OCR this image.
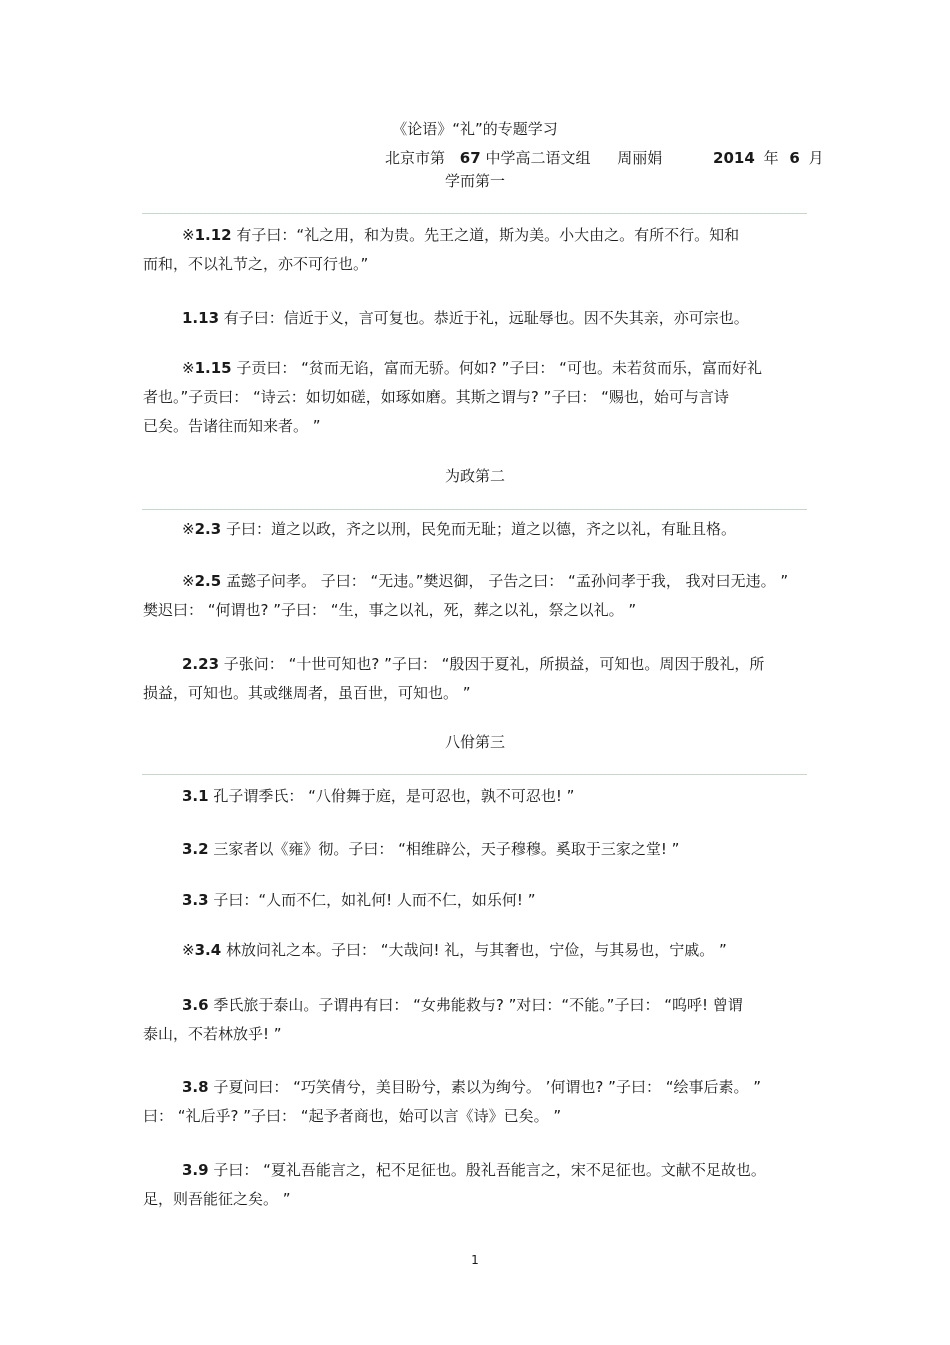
《论语》“礼”的专题学习
北京市第 67 中学高二语文组 周丽娟	2014 年 6 月
学而第一
※1.12 有子曰：“礼之用，和为贵。先王之道，斯为美。小大由之。有所不行。知和
而和，不以礼节之，亦不可行也。”
1.13 有子曰：信近于义，言可复也。恭近于礼，远耻辱也。因不失其亲，亦可宗也。
※1.15 子贡曰： “贫而无谄，富而无骄。何如? ”子曰： “可也。未若贫而乐，富而好礼
者也。”子贡曰： “诗云：如切如磋，如琢如磨。其斯之谓与? ”子曰： “赐也，始可与言诗
已矣。告诸往而知来者。 ”
为政第二
※2.3 子曰：道之以政，齐之以刑，民免而无耻；道之以德，齐之以礼，有耻且格。
※2.5 孟懿子问孝。 子曰： “无违。”樊迟御， 子告之曰： “孟孙问孝于我， 我对曰无违。 ”
樊迟曰： “何谓也? ”子曰： “生，事之以礼，死，葬之以礼，祭之以礼。 ”
2.23 子张问： “十世可知也? ”子曰： “殷因于夏礼，所损益，可知也。周因于殷礼，所
损益，可知也。其或继周者，虽百世，可知也。 ”
八佾第三
3.1 孔子谓季氏： “八佾舞于庭，是可忍也，孰不可忍也! ”
3.2 三家者以《雍》彻。子曰： “相维辟公，天子穆穆。奚取于三家之堂! ”
3.3 子曰：“人而不仁，如礼何! 人而不仁，如乐何! ”
※3.4 林放问礼之本。子曰： “大哉问! 礼，与其奢也，宁俭，与其易也，宁戚。 ”
3.6 季氏旅于泰山。子谓冉有曰： “女弗能救与? ”对曰：“不能。”子曰： “呜呼! 曾谓
泰山，不若林放乎! ”
3.8 子夏问曰： “巧笑倩兮，美目盼兮，素以为绚兮。 ’何谓也? ”子曰： “绘事后素。 ”
曰： “礼后乎? ”子曰： “起予者商也，始可以言《诗》已矣。 ”
3.9 子曰： “夏礼吾能言之，杞不足征也。殷礼吾能言之，宋不足征也。文献不足故也。
足，则吾能征之矣。 ”
1
